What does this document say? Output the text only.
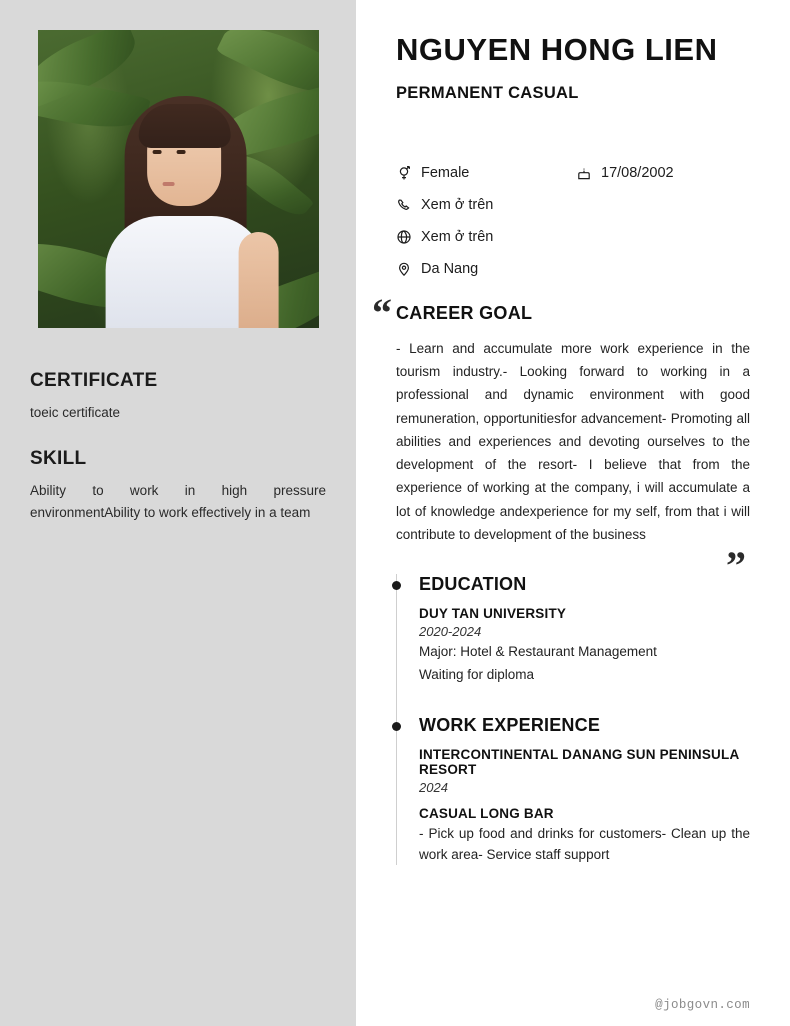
CERTIFICATE
toeic certificate
SKILL
Ability to work in high pressure environmentAbility to work effectively in a team
NGUYEN HONG LIEN
PERMANENT CASUAL
Female	17/08/2002
Xem ở trên
Xem ở trên
Da Nang
“ CAREER GOAL
- Learn and accumulate more work experience in the tourism industry.- Looking forward to working in a professional and dynamic environment with good remuneration, opportunitiesfor advancement- Promoting all abilities and experiences and devoting ourselves to the development of the resort- I believe that from the experience of working at the company, i will accumulate a lot of knowledge andexperience for my self, from that i will contribute to development of the business
”
EDUCATION
DUY TAN UNIVERSITY
2020-2024
Major: Hotel & Restaurant Management
Waiting for diploma
WORK EXPERIENCE
INTERCONTINENTAL DANANG SUN PENINSULA RESORT
2024
CASUAL LONG BAR
- Pick up food and drinks for customers- Clean up the work area- Service staff support
@jobgovn.com
